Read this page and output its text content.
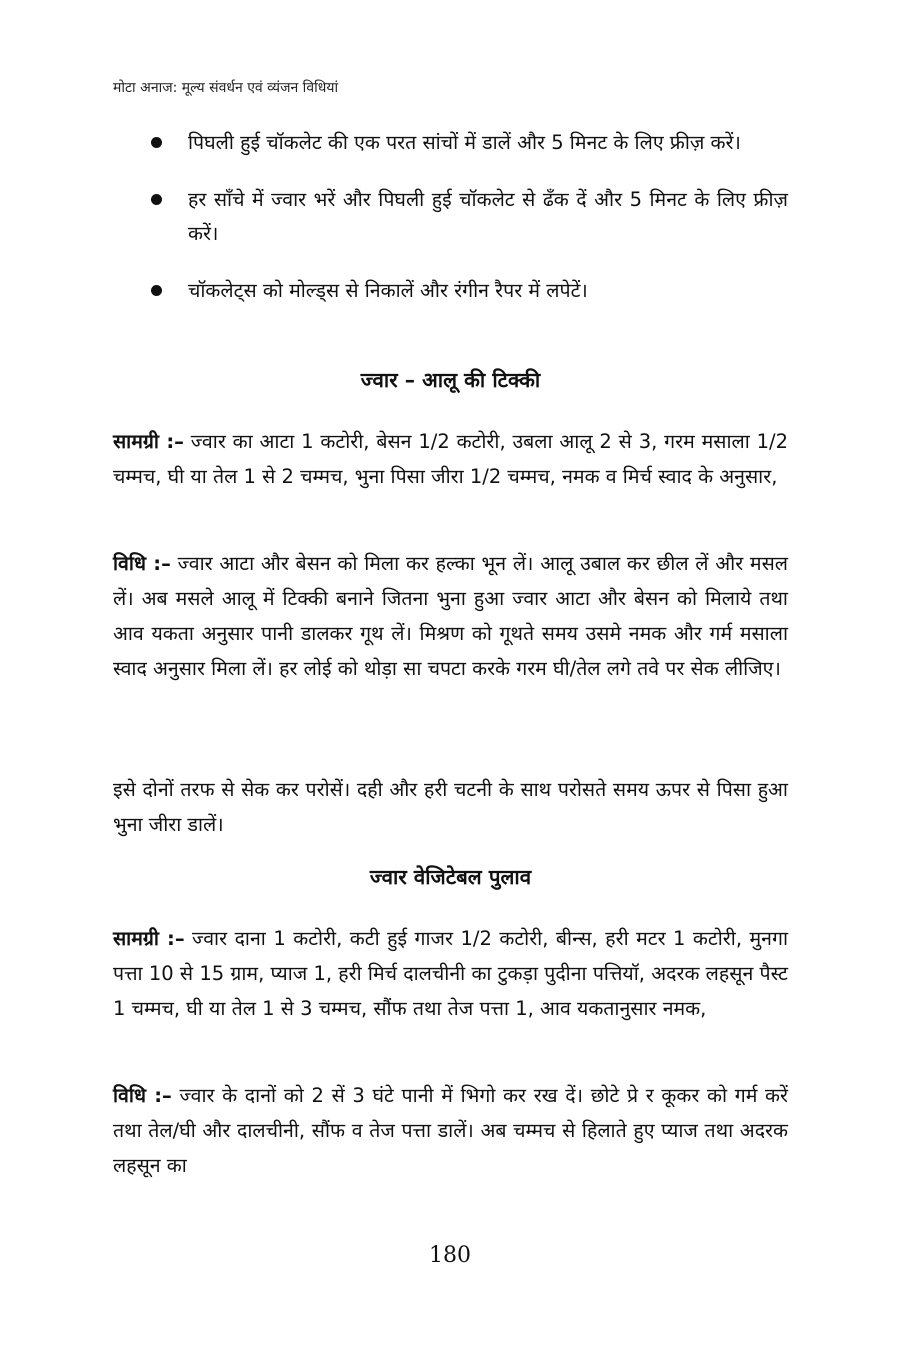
मोटा अनाज: मूल्य संवर्धन एवं व्यंजन विधियां
पिघली हुई चॉकलेट की एक परत सांचों में डालें और 5 मिनट के लिए फ्रीज़ करें।
हर साँचे में ज्वार भरें और पिघली हुई चॉकलेट से ढँक दें और 5 मिनट के लिए फ्रीज़ करें।
चॉकलेट्स को मोल्ड्स से निकालें और रंगीन रैपर में लपेटें।
ज्वार – आलू की टिक्की

सामग्री :– ज्वार का आटा 1 कटोरी, बेसन 1/2 कटोरी, उबला आलू 2 से 3, गरम मसाला 1/2 चम्मच, घी या तेल 1 से 2 चम्मच, भुना पिसा जीरा 1/2 चम्मच, नमक व मिर्च स्वाद के अनुसार,

विधि :– ज्वार आटा और बेसन को मिला कर हल्का भून लें। आलू उबाल कर छील लें और मसल लें। अब मसले आलू में टिक्की बनाने जितना भुना हुआ ज्वार आटा और बेसन को मिलाये तथा आव यकता अनुसार पानी डालकर गूथ लें। मिश्रण को गूथते समय उसमे नमक और गर्म मसाला स्वाद अनुसार मिला लें। हर लोई को थोड़ा सा चपटा करके गरम घी/तेल लगे तवे पर सेक लीजिए।

इसे दोनों तरफ से सेक कर परोसें। दही और हरी चटनी के साथ परोसते समय ऊपर से पिसा हुआ भुना जीरा डालें।

ज्वार वेजिटेबल पुलाव

सामग्री :– ज्वार दाना 1 कटोरी, कटी हुई गाजर 1/2 कटोरी, बीन्स, हरी मटर 1 कटोरी, मुनगा पत्ता 10 से 15 ग्राम, प्याज 1, हरी मिर्च दालचीनी का टुकड़ा पुदीना पत्तियॉ, अदरक लहसून पैस्ट 1 चम्मच, घी या तेल 1 से 3 चम्मच, सौंफ तथा तेज पत्ता 1, आव यकतानुसार नमक,

विधि :– ज्वार के दानों को 2 सें 3 घंटे पानी में भिगो कर रख दें। छोटे प्रे र कूकर को गर्म करें तथा तेल/घी और दालचीनी, सौंफ व तेज पत्ता डालें। अब चम्मच से हिलाते हुए प्याज तथा अदरक लहसून का

180
